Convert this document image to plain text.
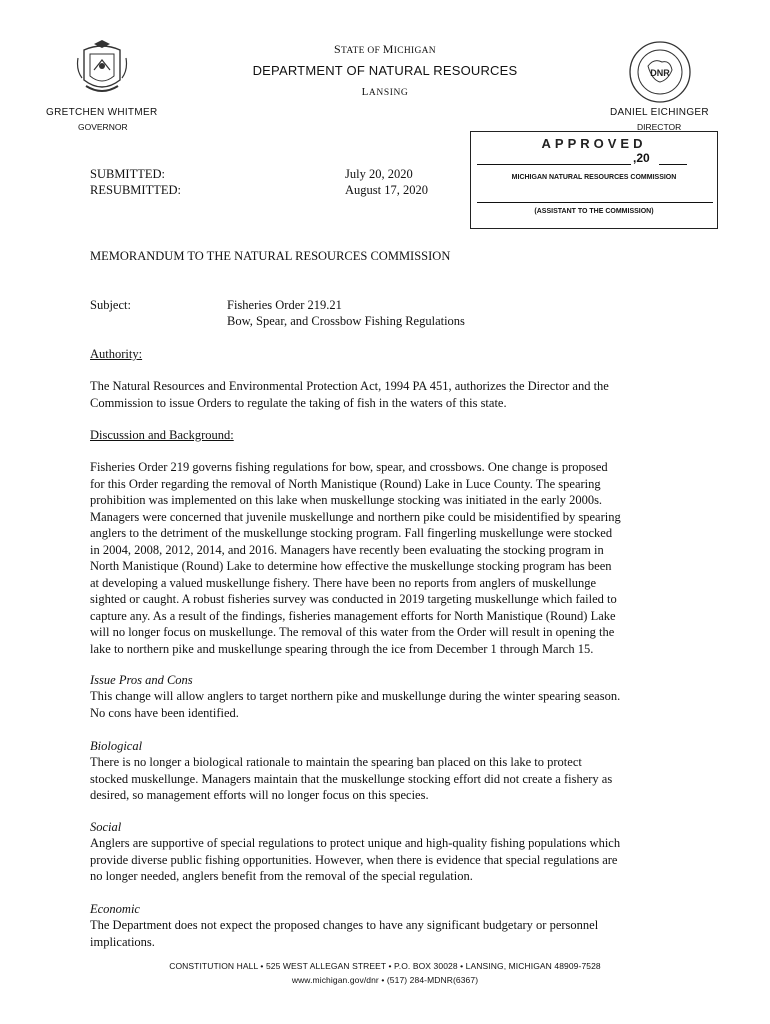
STATE OF MICHIGAN
DEPARTMENT OF NATURAL RESOURCES
LANSING
DNR
GRETCHEN WHITMER
GOVERNOR
DANIEL EICHINGER
DIRECTOR
APPROVED
,20
MICHIGAN NATURAL RESOURCES COMMISSION
(ASSISTANT TO THE COMMISSION)
SUBMITTED:	July 20, 2020
RESUBMITTED:	August 17, 2020
MEMORANDUM TO THE NATURAL RESOURCES COMMISSION
Subject:	Fisheries Order 219.21
Bow, Spear, and Crossbow Fishing Regulations
Authority:
The Natural Resources and Environmental Protection Act, 1994 PA 451, authorizes the Director and the
Commission to issue Orders to regulate the taking of fish in the waters of this state.
Discussion and Background:
Fisheries Order 219 governs fishing regulations for bow, spear, and crossbows. One change is proposed
for this Order regarding the removal of North Manistique (Round) Lake in Luce County. The spearing
prohibition was implemented on this lake when muskellunge stocking was initiated in the early 2000s.
Managers were concerned that juvenile muskellunge and northern pike could be misidentified by spearing
anglers to the detriment of the muskellunge stocking program. Fall fingerling muskellunge were stocked
in 2004, 2008, 2012, 2014, and 2016. Managers have recently been evaluating the stocking program in
North Manistique (Round) Lake to determine how effective the muskellunge stocking program has been
at developing a valued muskellunge fishery. There have been no reports from anglers of muskellunge
sighted or caught. A robust fisheries survey was conducted in 2019 targeting muskellunge which failed to
capture any. As a result of the findings, fisheries management efforts for North Manistique (Round) Lake
will no longer focus on muskellunge. The removal of this water from the Order will result in opening the
lake to northern pike and muskellunge spearing through the ice from December 1 through March 15.
Issue Pros and Cons
This change will allow anglers to target northern pike and muskellunge during the winter spearing season.
No cons have been identified.
Biological
There is no longer a biological rationale to maintain the spearing ban placed on this lake to protect
stocked muskellunge. Managers maintain that the muskellunge stocking effort did not create a fishery as
desired, so management efforts will no longer focus on this species.
Social
Anglers are supportive of special regulations to protect unique and high-quality fishing populations which
provide diverse public fishing opportunities. However, when there is evidence that special regulations are
no longer needed, anglers benefit from the removal of the special regulation.
Economic
The Department does not expect the proposed changes to have any significant budgetary or personnel
implications.
CONSTITUTION HALL • 525 WEST ALLEGAN STREET • P.O. BOX 30028 • LANSING, MICHIGAN 48909-7528
www.michigan.gov/dnr • (517) 284-MDNR(6367)
